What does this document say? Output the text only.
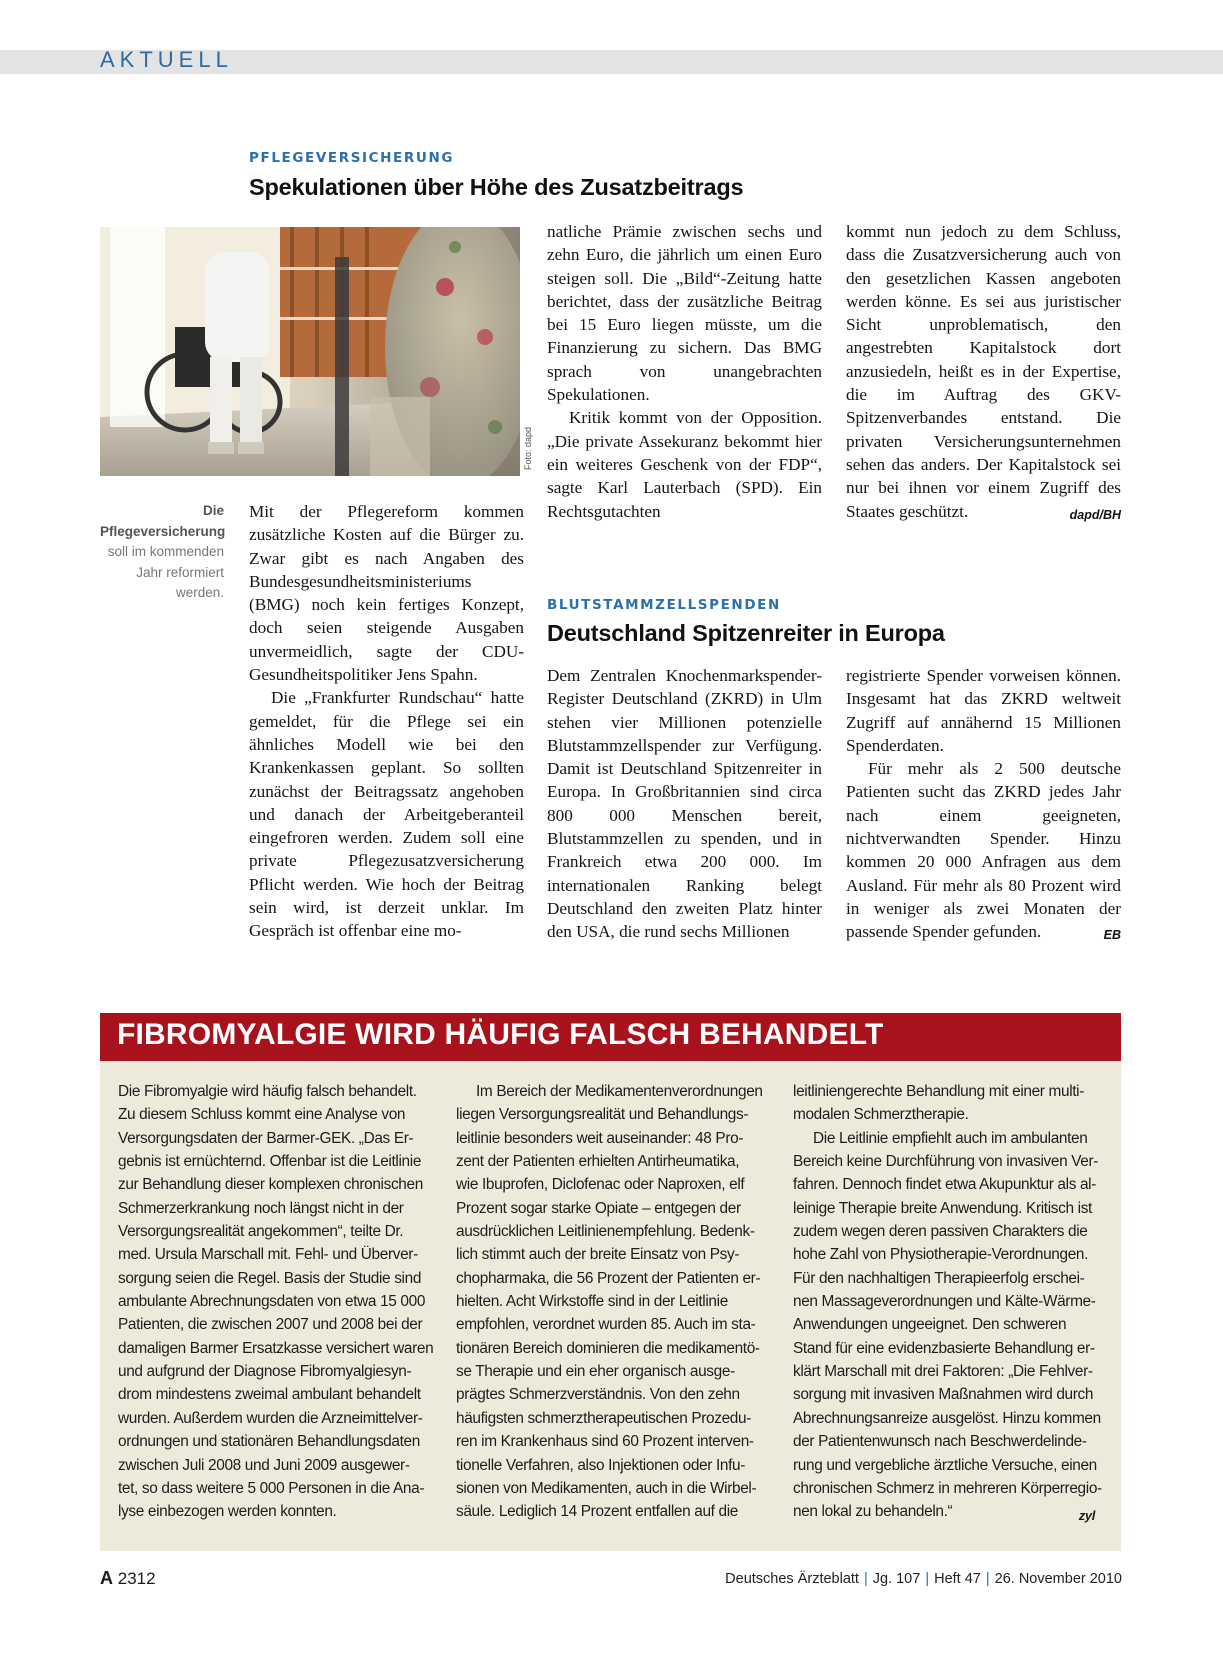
AKTUELL
PFLEGEVERSICHERUNG
Spekulationen über Höhe des Zusatzbeitrags
Foto: dapd
Die Pflegeversicherung soll im kommenden Jahr reformiert werden.

Mit der Pflegereform kommen zusätzliche Kosten auf die Bürger zu. Zwar gibt es nach Angaben des Bundesgesundheitsministeriums (BMG) noch kein fertiges Konzept, doch seien steigende Ausgaben unvermeidlich, sagte der CDU-Gesundheitspolitiker Jens Spahn.

Die „Frankfurter Rundschau“ hatte gemeldet, für die Pflege sei ein ähnliches Modell wie bei den Krankenkassen geplant. So sollten zunächst der Beitragssatz angehoben und danach der Arbeitgeberanteil eingefroren werden. Zudem soll eine private Pflegezusatzversicherung Pflicht werden. Wie hoch der Beitrag sein wird, ist derzeit unklar. Im Gespräch ist offenbar eine mo-

natliche Prämie zwischen sechs und zehn Euro, die jährlich um einen Euro steigen soll. Die „Bild“-Zeitung hatte berichtet, dass der zusätzliche Beitrag bei 15 Euro liegen müsste, um die Finanzierung zu sichern. Das BMG sprach von unangebrachten Spekulationen.

Kritik kommt von der Opposition. „Die private Assekuranz bekommt hier ein weiteres Geschenk von der FDP“, sagte Karl Lauterbach (SPD). Ein Rechtsgutachten

kommt nun jedoch zu dem Schluss, dass die Zusatzversicherung auch von den gesetzlichen Kassen angeboten werden könne. Es sei aus juristischer Sicht unproblematisch, den angestrebten Kapitalstock dort anzusiedeln, heißt es in der Expertise, die im Auftrag des GKV-Spitzenverbandes entstand. Die privaten Versicherungsunternehmen sehen das anders. Der Kapitalstock sei nur bei ihnen vor einem Zugriff des Staates geschützt.	dapd/BH

BLUTSTAMMZELLSPENDEN
Deutschland Spitzenreiter in Europa

Dem Zentralen Knochenmarkspender-Register Deutschland (ZKRD) in Ulm stehen vier Millionen potenzielle Blutstammzellspender zur Verfügung. Damit ist Deutschland Spitzenreiter in Europa. In Großbritannien sind circa 800 000 Menschen bereit, Blutstammzellen zu spenden, und in Frankreich etwa 200 000. Im internationalen Ranking belegt Deutschland den zweiten Platz hinter den USA, die rund sechs Millionen

registrierte Spender vorweisen können. Insgesamt hat das ZKRD weltweit Zugriff auf annähernd 15 Millionen Spenderdaten.

Für mehr als 2 500 deutsche Patienten sucht das ZKRD jedes Jahr nach einem geeigneten, nichtverwandten Spender. Hinzu kommen 20 000 Anfragen aus dem Ausland. Für mehr als 80 Prozent wird in weniger als zwei Monaten der passende Spender gefunden.	EB

FIBROMYALGIE WIRD HÄUFIG FALSCH BEHANDELT
Die Fibromyalgie wird häufig falsch behandelt.
Zu diesem Schluss kommt eine Analyse von
Versorgungsdaten der Barmer-GEK. „Das Er-
gebnis ist ernüchternd. Offenbar ist die Leitlinie
zur Behandlung dieser komplexen chronischen
Schmerzerkrankung noch längst nicht in der
Versorgungsrealität angekommen“, teilte Dr.
med. Ursula Marschall mit. Fehl- und Überver-
sorgung seien die Regel. Basis der Studie sind
ambulante Abrechnungsdaten von etwa 15 000
Patienten, die zwischen 2007 und 2008 bei der
damaligen Barmer Ersatzkasse versichert waren
und aufgrund der Diagnose Fibromyalgiesyn-
drom mindestens zweimal ambulant behandelt
wurden. Außerdem wurden die Arzneimittelver-
ordnungen und stationären Behandlungsdaten
zwischen Juli 2008 und Juni 2009 ausgewer-
tet, so dass weitere 5 000 Personen in die Ana-
lyse einbezogen werden konnten.
Im Bereich der Medikamentenverordnungen
liegen Versorgungsrealität und Behandlungs-
leitlinie besonders weit auseinander: 48 Pro-
zent der Patienten erhielten Antirheumatika,
wie Ibuprofen, Diclofenac oder Naproxen, elf
Prozent sogar starke Opiate – entgegen der
ausdrücklichen Leitlinienempfehlung. Bedenk-
lich stimmt auch der breite Einsatz von Psy-
chopharmaka, die 56 Prozent der Patienten er-
hielten. Acht Wirkstoffe sind in der Leitlinie
empfohlen, verordnet wurden 85. Auch im sta-
tionären Bereich dominieren die medikamentö-
se Therapie und ein eher organisch ausge-
prägtes Schmerzverständnis. Von den zehn
häufigsten schmerztherapeutischen Prozedu-
ren im Krankenhaus sind 60 Prozent interven-
tionelle Verfahren, also Injektionen oder Infu-
sionen von Medikamenten, auch in die Wirbel-
säule. Lediglich 14 Prozent entfallen auf die
leitliniengerechte Behandlung mit einer multi-
modalen Schmerztherapie.
Die Leitlinie empfiehlt auch im ambulanten
Bereich keine Durchführung von invasiven Ver-
fahren. Dennoch findet etwa Akupunktur als al-
leinige Therapie breite Anwendung. Kritisch ist
zudem wegen deren passiven Charakters die
hohe Zahl von Physiotherapie-Verordnungen.
Für den nachhaltigen Therapieerfolg erschei-
nen Massageverordnungen und Kälte-Wärme-
Anwendungen ungeeignet. Den schweren
Stand für eine evidenzbasierte Behandlung er-
klärt Marschall mit drei Faktoren: „Die Fehlver-
sorgung mit invasiven Maßnahmen wird durch
Abrechnungsanreize ausgelöst. Hinzu kommen
der Patientenwunsch nach Beschwerdelinde-
rung und vergebliche ärztliche Versuche, einen
chronischen Schmerz in mehreren Körperregio-
nen lokal zu behandeln.“	zyl
A 2312	Deutsches Ärzteblatt | Jg. 107 | Heft 47 | 26. November 2010
